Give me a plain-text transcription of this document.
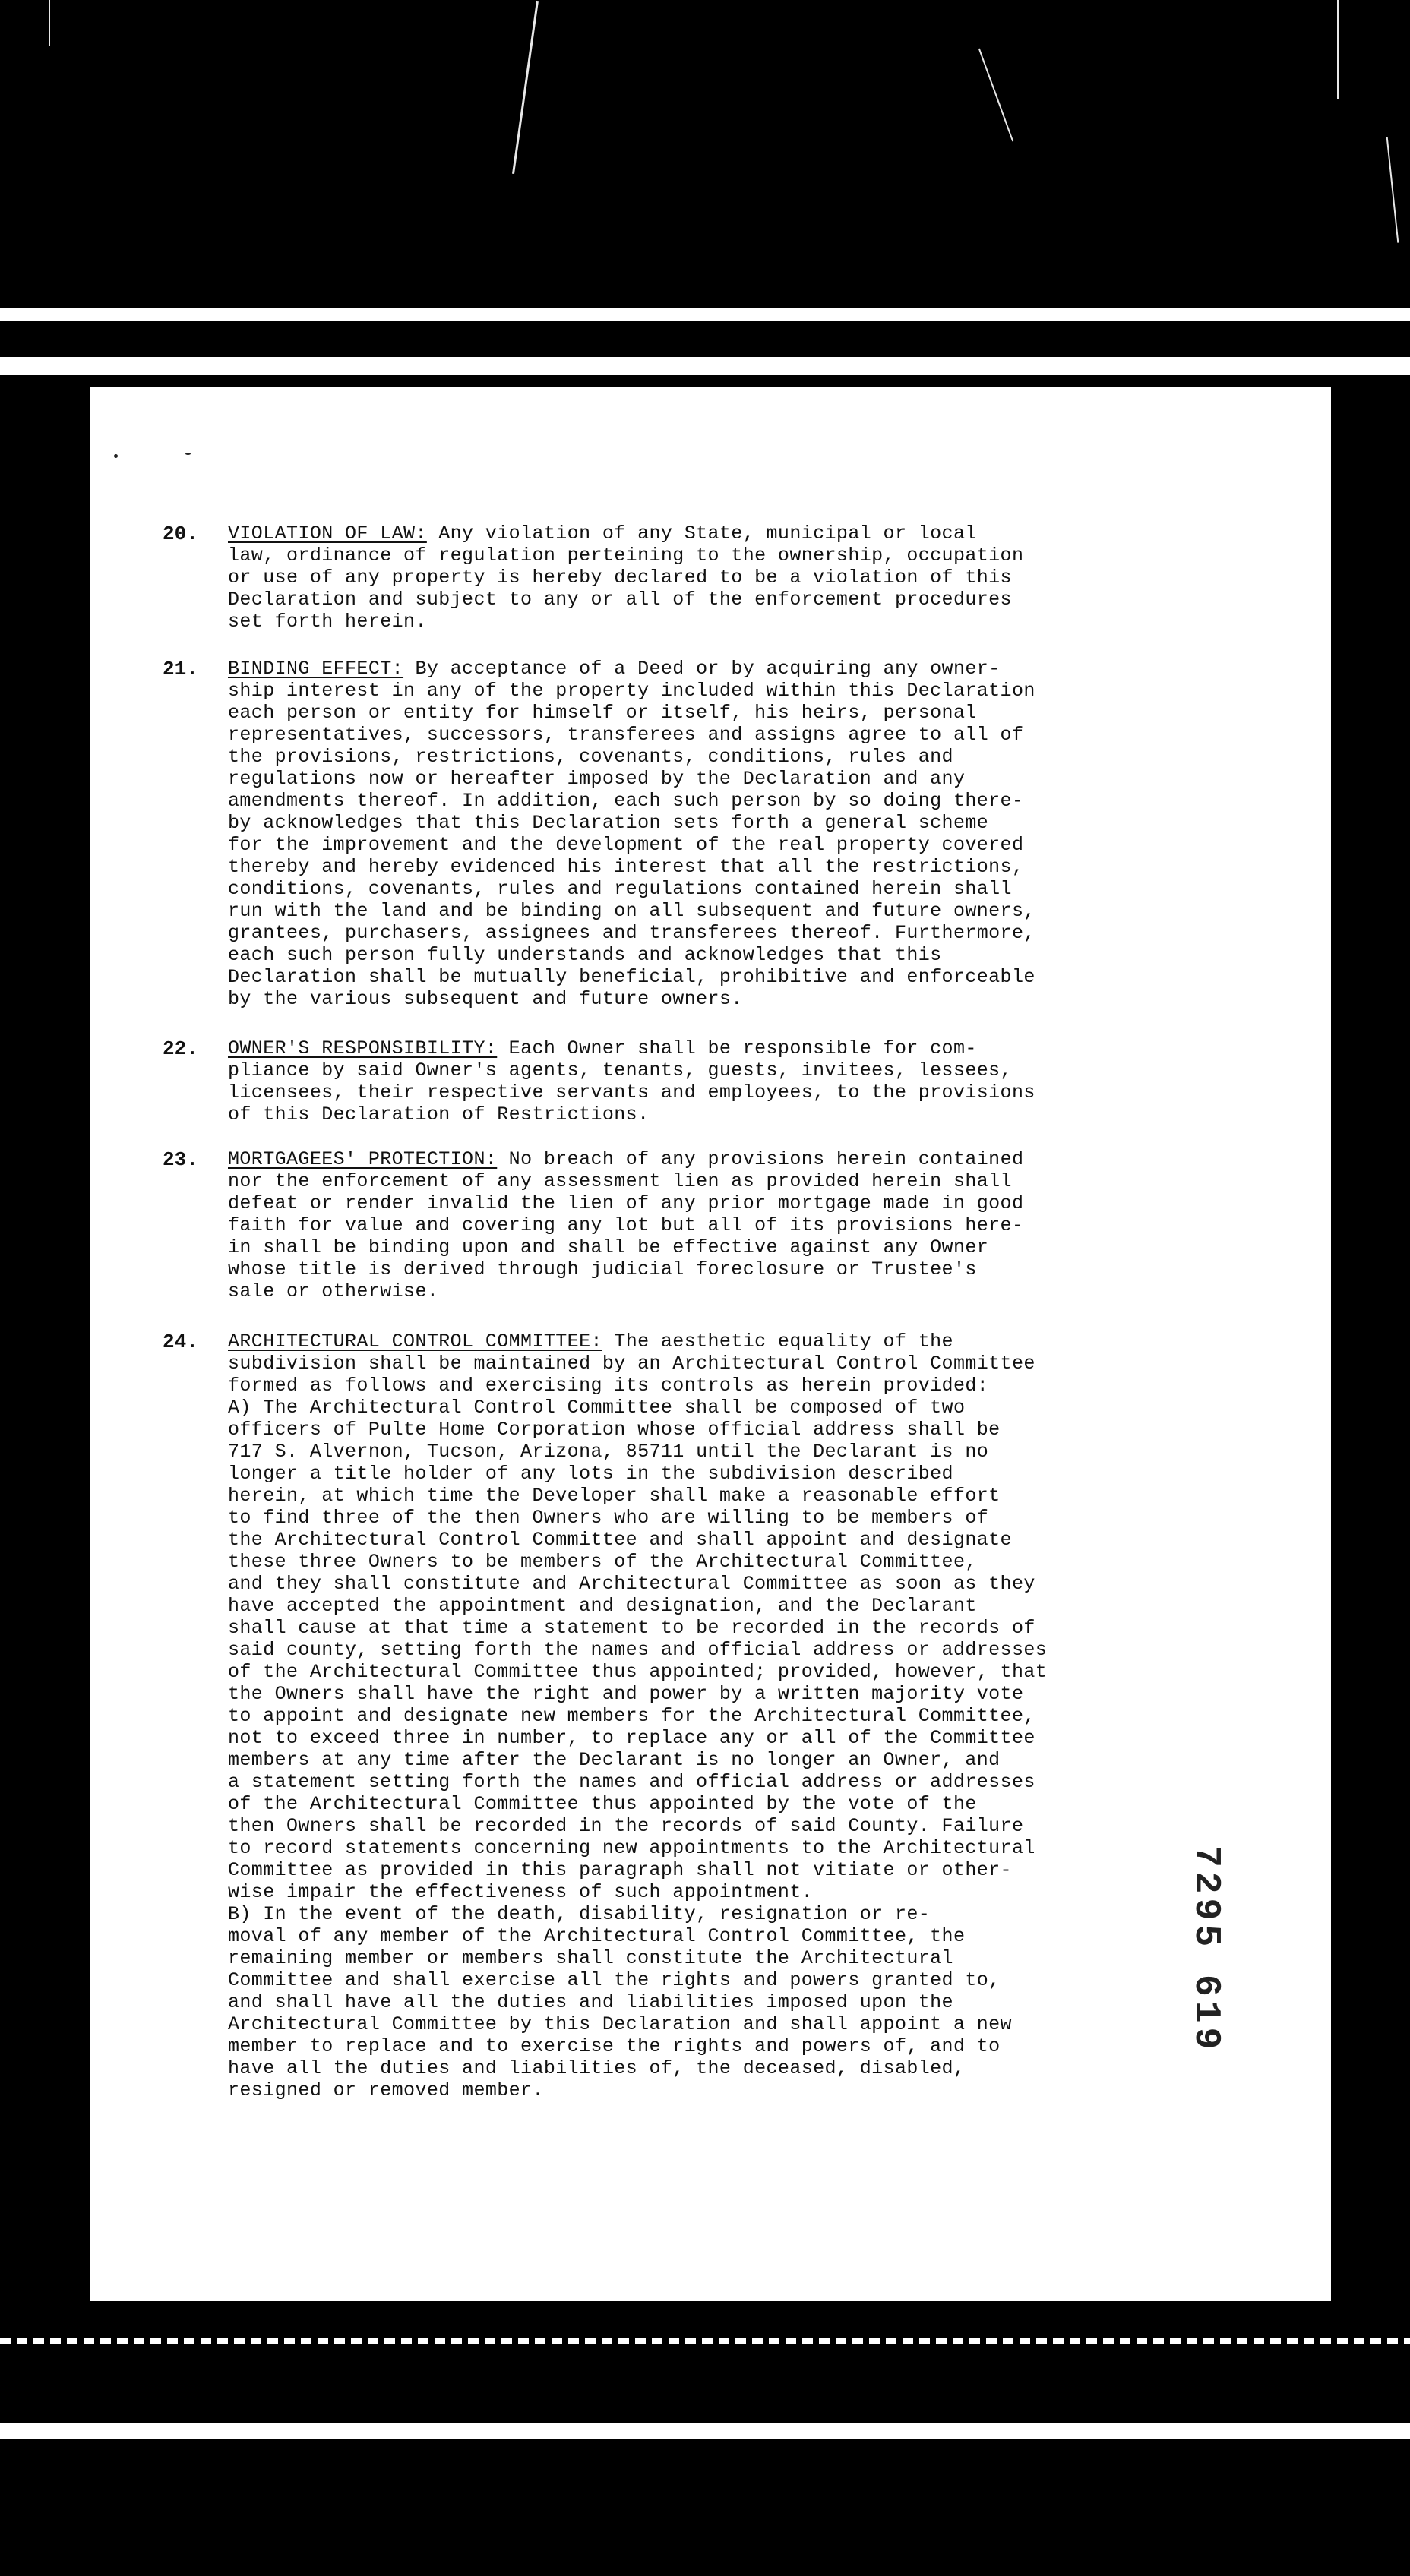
20. VIOLATION OF LAW: Any violation of any State, municipal or local
law, ordinance of regulation perteining to the ownership, occupation
or use of any property is hereby declared to be a violation of this
Declaration and subject to any or all of the enforcement procedures
set forth herein.

21. BINDING EFFECT: By acceptance of a Deed or by acquiring any owner-
ship interest in any of the property included within this Declaration
each person or entity for himself or itself, his heirs, personal
representatives, successors, transferees and assigns agree to all of
the provisions, restrictions, covenants, conditions, rules and
regulations now or hereafter imposed by the Declaration and any
amendments thereof. In addition, each such person by so doing there-
by acknowledges that this Declaration sets forth a general scheme
for the improvement and the development of the real property covered
thereby and hereby evidenced his interest that all the restrictions,
conditions, covenants, rules and regulations contained herein shall
run with the land and be binding on all subsequent and future owners,
grantees, purchasers, assignees and transferees thereof. Furthermore,
each such person fully understands and acknowledges that this
Declaration shall be mutually beneficial, prohibitive and enforceable
by the various subsequent and future owners.

22. OWNER'S RESPONSIBILITY: Each Owner shall be responsible for com-
pliance by said Owner's agents, tenants, guests, invitees, lessees,
licensees, their respective servants and employees, to the provisions
of this Declaration of Restrictions.

23. MORTGAGEES' PROTECTION: No breach of any provisions herein contained
nor the enforcement of any assessment lien as provided herein shall
defeat or render invalid the lien of any prior mortgage made in good
faith for value and covering any lot but all of its provisions here-
in shall be binding upon and shall be effective against any Owner
whose title is derived through judicial foreclosure or Trustee's
sale or otherwise.

24. ARCHITECTURAL CONTROL COMMITTEE: The aesthetic equality of the
subdivision shall be maintained by an Architectural Control Committee
formed as follows and exercising its controls as herein provided:
A) The Architectural Control Committee shall be composed of two
officers of Pulte Home Corporation whose official address shall be
717 S. Alvernon, Tucson, Arizona, 85711 until the Declarant is no
longer a title holder of any lots in the subdivision described
herein, at which time the Developer shall make a reasonable effort
to find three of the then Owners who are willing to be members of
the Architectural Control Committee and shall appoint and designate
these three Owners to be members of the Architectural Committee,
and they shall constitute and Architectural Committee as soon as they
have accepted the appointment and designation, and the Declarant
shall cause at that time a statement to be recorded in the records of
said county, setting forth the names and official address or addresses
of the Architectural Committee thus appointed; provided, however, that
the Owners shall have the right and power by a written majority vote
to appoint and designate new members for the Architectural Committee,
not to exceed three in number, to replace any or all of the Committee
members at any time after the Declarant is no longer an Owner, and
a statement setting forth the names and official address or addresses
of the Architectural Committee thus appointed by the vote of the
then Owners shall be recorded in the records of said County. Failure
to record statements concerning new appointments to the Architectural
Committee as provided in this paragraph shall not vitiate or other-
wise impair the effectiveness of such appointment.
B) In the event of the death, disability, resignation or re-
moval of any member of the Architectural Control Committee, the
remaining member or members shall constitute the Architectural
Committee and shall exercise all the rights and powers granted to,
and shall have all the duties and liabilities imposed upon the
Architectural Committee by this Declaration and shall appoint a new
member to replace and to exercise the rights and powers of, and to
have all the duties and liabilities of, the deceased, disabled,
resigned or removed member.

7295
619
